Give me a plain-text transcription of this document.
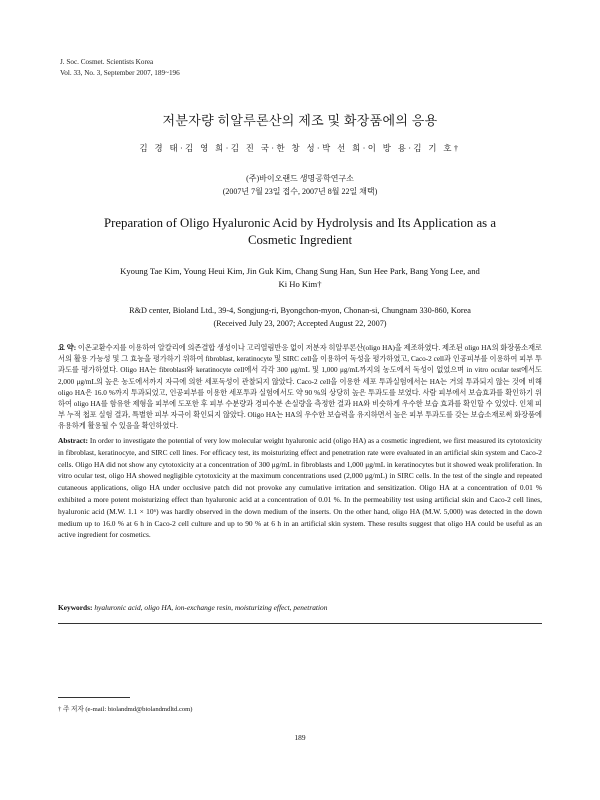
J. Soc. Cosmet. Scientists Korea
Vol. 33, No. 3, September 2007, 189~196
저분자량 히알루론산의 제조 및 화장품에의 응용
김 경 태·김 영 희·김 진 국·한 창 성·박 선 희·이 방 용·김 기 호†
(주)바이오랜드 생명공학연구소
(2007년 7월 23일 접수, 2007년 8월 22일 채택)
Preparation of Oligo Hyaluronic Acid by Hydrolysis and Its Application as a
Cosmetic Ingredient
Kyoung Tae Kim, Young Heui Kim, Jin Guk Kim, Chang Sung Han, Sun Hee Park, Bang Yong Lee, and
Ki Ho Kim†
R&D center, Bioland Ltd., 39-4, Songjung-ri, Byongchon-myon, Chonan-si, Chungnam 330-860, Korea
(Received July 23, 2007; Accepted August 22, 2007)
요 약: 이온교환수지를 이용하여 알칼리에 의존결합 생성이나 고리열림반응 없이 저분자 히알루론산(oligo HA)을 제조하였다. 제조된 oligo HA의 화장품소재로서의 활용 가능성 및 그 효능을 평가하기 위하여 fibroblast, keratinocyte 및 SIRC cell을 이용하여 독성을 평가하였고, Caco-2 cell과 인공피부를 이용하여 피부 투과도를 평가하였다. Oligo HA는 fibroblast와 keratinocyte cell에서 각각 300 μg/mL 및 1,000 μg/mL까지의 농도에서 독성이 없었으며 in vitro ocular test에서도 2,000 μg/mL의 높은 농도에서까지 자극에 의한 세포독성이 관찰되지 않았다. Caco-2 cell을 이용한 세포 투과실험에서는 HA는 거의 투과되지 않는 것에 비해 oligo HA은 16.0 %까지 투과되었고, 인공피부를 이용한 세포투과 실험에서도 약 90 %의 상당히 높은 투과도를 보였다. 사람 피부에서 보습효과를 확인하기 위하여 oligo HA를 함유한 제형을 피부에 도포한 후 피부 수분량과 경피수분 손실량을 측정한 결과 HA와 비슷하게 우수한 보습 효과를 확인할 수 있었다. 인체 피부 누적 첩포 실험 결과, 특별한 피부 자극이 확인되지 않았다. Oligo HA는 HA의 우수한 보습력을 유지하면서 높은 피부 투과도를 갖는 보습소재로써 화장품에 유용하게 활용될 수 있음을 확인하였다.
Abstract: In order to investigate the potential of very low molecular weight hyaluronic acid (oligo HA) as a cosmetic ingredient, we first measured its cytotoxicity in fibroblast, keratinocyte, and SIRC cell lines. For efficacy test, its moisturizing effect and penetration rate were evaluated in an artificial skin system and Caco-2 cells. Oligo HA did not show any cytotoxicity at a concentration of 300 μg/mL in fibroblasts and 1,000 μg/mL in keratinocytes but it showed weak proliferation. In vitro ocular test, oligo HA showed negligible cytotoxicity at the maximum concentrations used (2,000 μg/mL) in SIRC cells. In the test of the single and repeated cutaneous applications, oligo HA under occlusive patch did not provoke any cumulative irritation and sensitization. Oligo HA at a concentration of 0.01 % exhibited a more potent moisturizing effect than hyaluronic acid at a concentration of 0.01 %. In the permeability test using artificial skin and Caco-2 cell lines, hyaluronic acid (M.W. 1.1 × 10⁶) was hardly observed in the down medium of the inserts. On the other hand, oligo HA (M.W. 5,000) was detected in the down medium up to 16.0 % at 6 h in Caco-2 cell culture and up to 90 % at 6 h in an artificial skin system. These results suggest that oligo HA could be useful as an active ingredient for cosmetics.
Keywords: hyaluronic acid, oligo HA, ion-exchange resin, moisturizing effect, penetration
† 주 저자 (e-mail: biolandmd@biolandmdltd.com)
189
